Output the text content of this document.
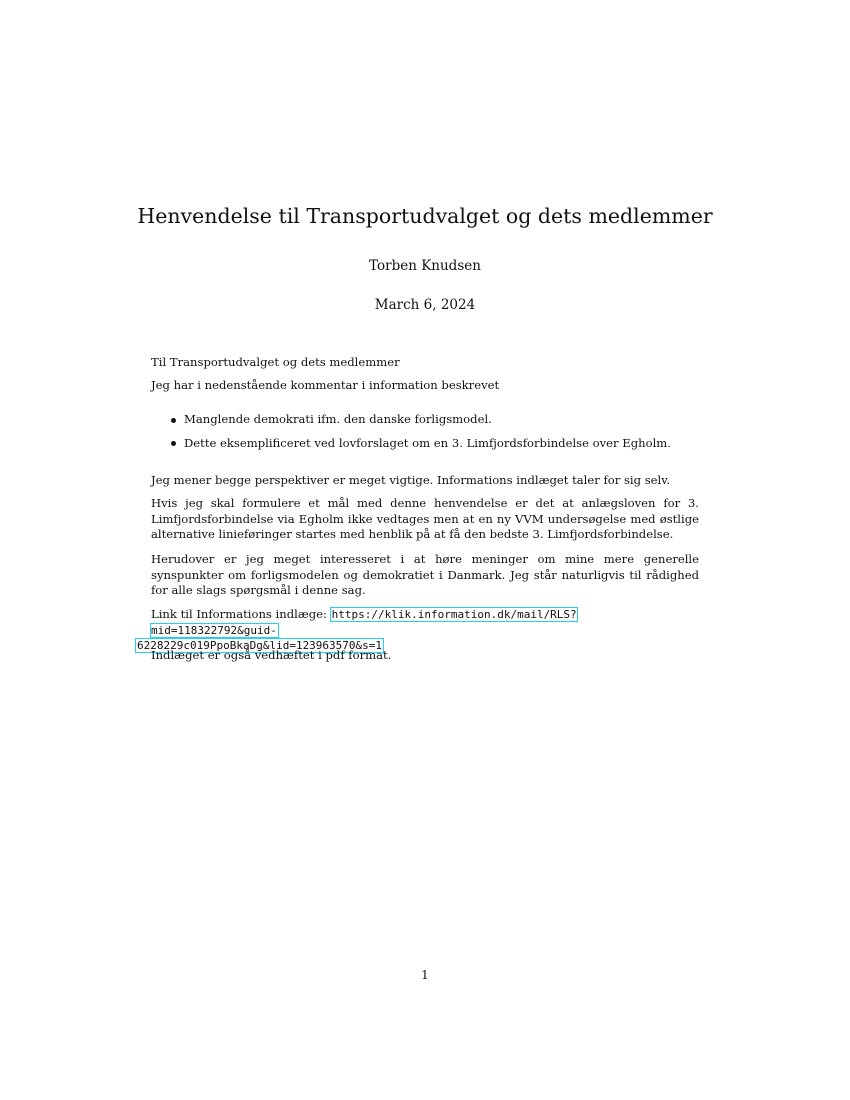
Henvendelse til Transportudvalget og dets medlemmer
Torben Knudsen
March 6, 2024

Til Transportudvalget og dets medlemmer

Jeg har i nedenstående kommentar i information beskrevet

Manglende demokrati ifm. den danske forligsmodel.
Dette eksemplificeret ved lovforslaget om en 3. Limfjordsforbindelse over Egholm.

Jeg mener begge perspektiver er meget vigtige. Informations indlæget taler for sig selv.

Hvis jeg skal formulere et mål med denne henvendelse er det at anlægsloven for 3. Limfjordsforbindelse via Egholm ikke vedtages men at en ny VVM undersøgelse med østlige alternative linieføringer startes med henblik på at få den bedste 3. Limfjordsforbindelse.

Herudover er jeg meget interesseret i at høre meninger om mine mere generelle synspunkter om forligsmodelen og demokratiet i Danmark. Jeg står naturligvis til rådighed for alle slags spørgsmål i denne sag.

Link til Informations indlæge: https://klik.information.dk/mail/RLS?mid=118322792&guid-
6228229c019PpoBkaDg&lid=123963570&s=1

Indlæget er også vedhæftet i pdf format.

1
